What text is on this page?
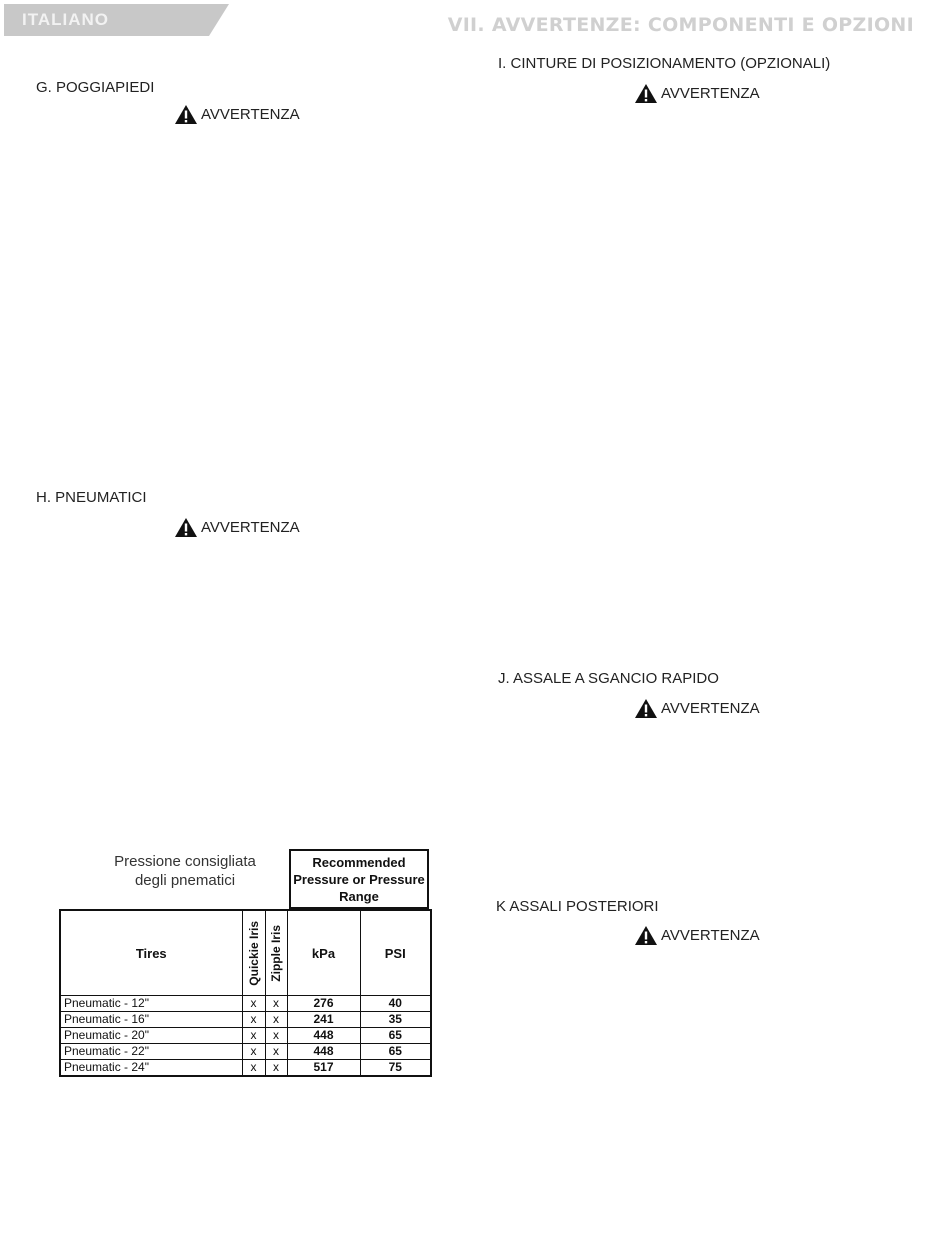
ITALIANO	VII. AVVERTENZE: COMPONENTI E OPZIONI
G. POGGIAPIEDI
AVVERTENZA
H. PNEUMATICI
AVVERTENZA
I. CINTURE DI POSIZIONAMENTO (OPZIONALI)
AVVERTENZA
J. ASSALE A SGANCIO RAPIDO
AVVERTENZA
K ASSALI POSTERIORI
AVVERTENZA
Pressione consigliata degli pnematici
Recommended
Pressure or Pressure
Range
Tires	Quickie Iris	Zipple Iris	kPa	PSI
Pneumatic - 12"	x	x	276	40
Pneumatic - 16"	x	x	241	35
Pneumatic - 20"	x	x	448	65
Pneumatic - 22"	x	x	448	65
Pneumatic - 24"	x	x	517	75
